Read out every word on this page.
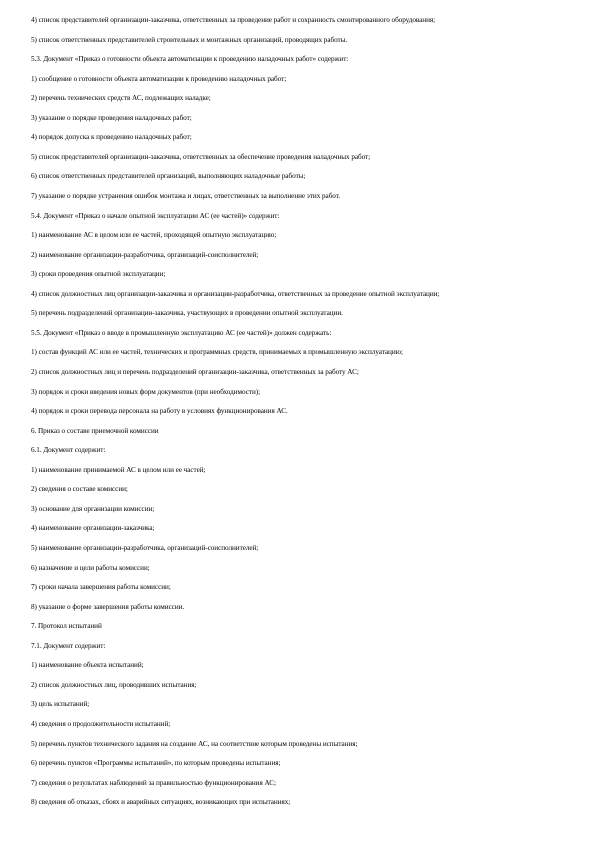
4) список представителей организации-заказчика, ответственных за проведение работ и сохранность смонтированного оборудования;
5) список ответственных представителей строительных и монтажных организаций, проводящих работы.
5.3. Документ «Приказ о готовности объекта автоматизации к проведению наладочных работ» содержит:
1) сообщение о готовности объекта автоматизации к проведению наладочных работ;
2) перечень технических средств АС, подлежащих наладке;
3) указание о порядке проведения наладочных работ;
4) порядок допуска к проведению наладочных работ;
5) список представителей организации-заказчика, ответственных за обеспечение проведения наладочных работ;
6) список ответственных представителей организаций, выполняющих наладочные работы;
7) указание о порядке устранения ошибок монтажа и лицах, ответственных за выполнение этих работ.
5.4. Документ «Приказ о начале опытной эксплуатации АС (ее частей)» содержит:
1) наименование АС в целом или ее частей, проходящей опытную эксплуатацию;
2) наименование организации-разработчика, организаций-соисполнителей;
3) сроки проведения опытной эксплуатации;
4) список должностных лиц организации-заказчика и организации-разработчика, ответственных за проведение опытной эксплуатации;
5) перечень подразделений организации-заказчика, участвующих в проведении опытной эксплуатации.
5.5. Документ «Приказ о вводе в промышленную эксплуатацию АС (ее частей)» должен содержать:
1) состав функций АС или ее частей, технических и программных средств, принимаемых в промышленную эксплуатацию;
2) список должностных лиц и перечень подразделений организации-заказчика, ответственных за работу АС;
3) порядок и сроки введения новых форм документов (при необходимости);
4) порядок и сроки перевода персонала на работу в условиях функционирования АС.
6. Приказ о составе приемочной комиссии
6.1. Документ содержит:
1) наименование принимаемой АС в целом или ее частей;
2) сведения о составе комиссии;
3) основание для организации комиссии;
4) наименование организации-заказчика;
5) наименование организации-разработчика, организаций-соисполнителей;
6) назначение и цели работы комиссии;
7) сроки начала завершения работы комиссии;
8) указание о форме завершения работы комиссии.
7. Протокол испытаний
7.1. Документ содержит:
1) наименование объекта испытаний;
2) список должностных лиц, проводивших испытания;
3) цель испытаний;
4) сведения о продолжительности испытаний;
5) перечень пунктов технического задания на создание АС, на соответствие которым проведены испытания;
6) перечень пунктов «Программы испытаний», по которым проведены испытания;
7) сведения о результатах наблюдений за правильностью функционирования АС;
8) сведения об отказах, сбоях и аварийных ситуациях, возникающих при испытаниях;
